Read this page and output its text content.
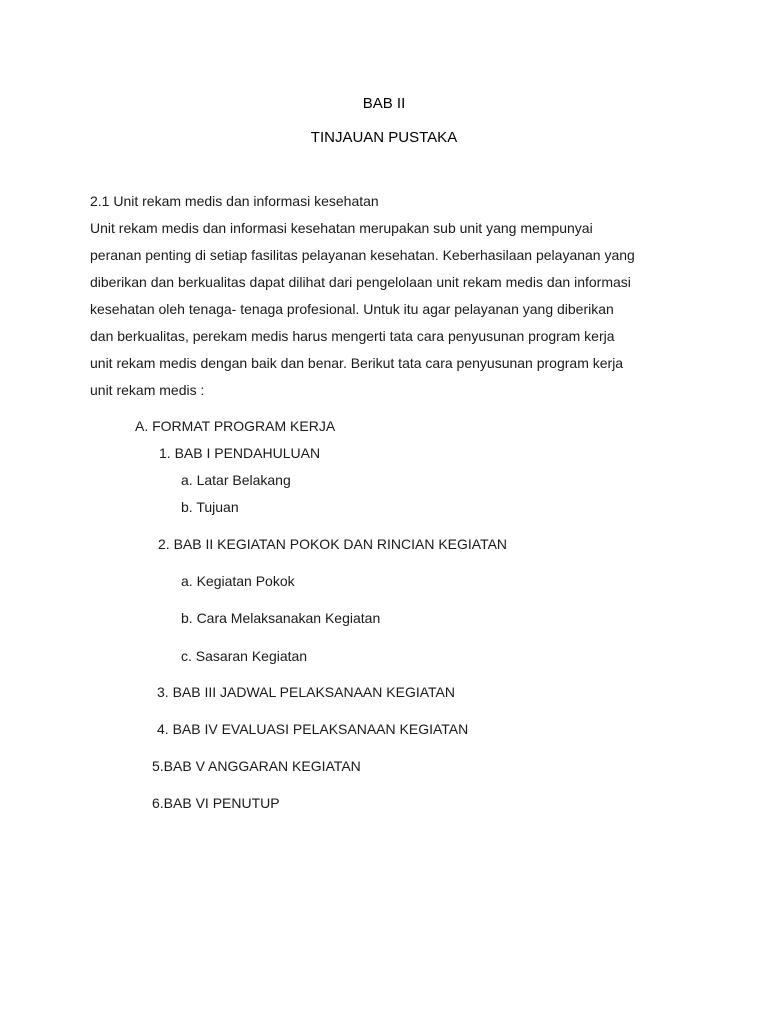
BAB II
TINJAUAN PUSTAKA
2.1 Unit rekam medis dan informasi kesehatan
Unit rekam medis dan informasi kesehatan merupakan sub unit yang mempunyai
peranan penting di setiap fasilitas pelayanan kesehatan. Keberhasilaan pelayanan yang
diberikan dan berkualitas dapat dilihat dari pengelolaan unit rekam medis dan informasi
kesehatan oleh tenaga- tenaga profesional. Untuk itu agar pelayanan yang diberikan
dan berkualitas, perekam medis harus mengerti tata cara penyusunan program kerja
unit rekam medis dengan baik dan benar. Berikut tata cara penyusunan program kerja
unit rekam medis :
A. FORMAT PROGRAM KERJA
1. BAB I PENDAHULUAN
a. Latar Belakang
b. Tujuan
2. BAB II KEGIATAN POKOK DAN RINCIAN KEGIATAN
a. Kegiatan Pokok
b. Cara Melaksanakan Kegiatan
c. Sasaran Kegiatan
3. BAB III JADWAL PELAKSANAAN KEGIATAN
4. BAB IV EVALUASI PELAKSANAAN KEGIATAN
5.BAB V ANGGARAN KEGIATAN
6.BAB VI PENUTUP
